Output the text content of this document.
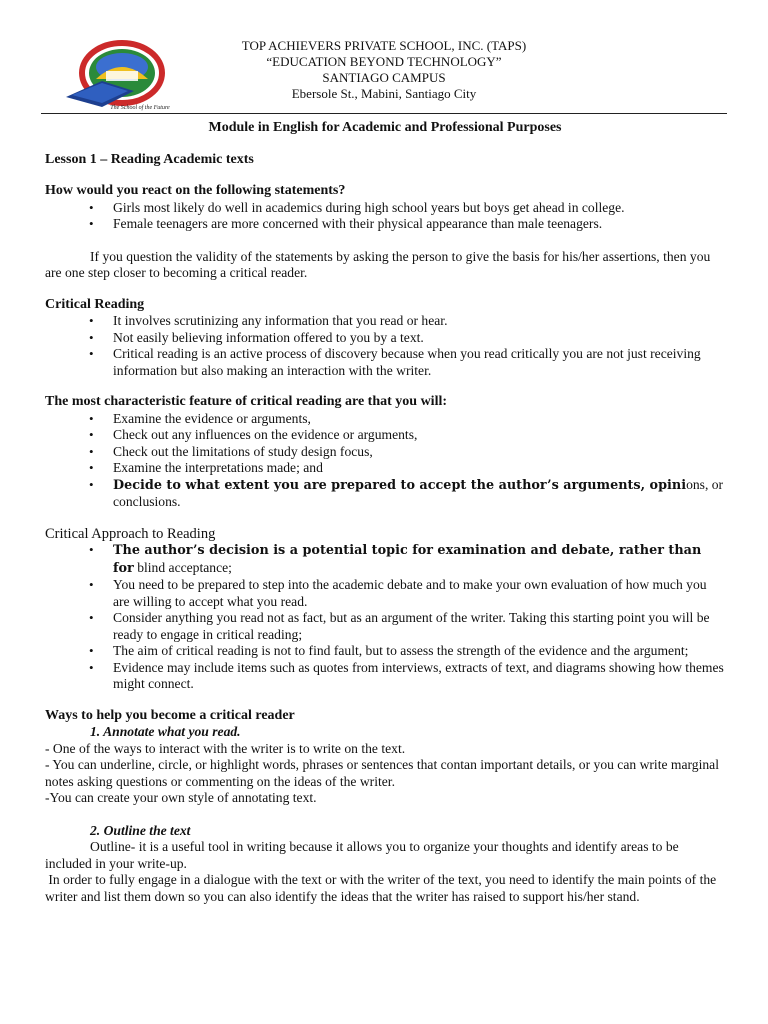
The School of the Future
TOP ACHIEVERS PRIVATE SCHOOL, INC. (TAPS)
“EDUCATION BEYOND TECHNOLOGY”
SANTIAGO CAMPUS
Ebersole St., Mabini, Santiago City
Module in English for Academic and Professional Purposes
Lesson 1 – Reading Academic texts
How would you react on the following statements?
• Girls most likely do well in academics during high school years but boys get ahead in college.
• Female teenagers are more concerned with their physical appearance than male teenagers.
If you question the validity of the statements by asking the person to give the basis for his/her assertions, then you are one step closer to becoming a critical reader.
Critical Reading
• It involves scrutinizing any information that you read or hear.
• Not easily believing information offered to you by a text.
• Critical reading is an active process of discovery because when you read critically you are not just receiving information but also making an interaction with the writer.
The most characteristic feature of critical reading are that you will:
• Examine the evidence or arguments,
• Check out any influences on the evidence or arguments,
• Check out the limitations of study design focus,
• Examine the interpretations made; and
• Decide to what extent you are prepared to accept the author’s arguments, opinions, or conclusions.
Critical Approach to Reading
• The author’s decision is a potential topic for examination and debate, rather than for blind acceptance;
• You need to be prepared to step into the academic debate and to make your own evaluation of how much you are willing to accept what you read.
• Consider anything you read not as fact, but as an argument of the writer. Taking this starting point you will be ready to engage in critical reading;
• The aim of critical reading is not to find fault, but to assess the strength of the evidence and the argument;
• Evidence may include items such as quotes from interviews, extracts of text, and diagrams showing how themes might connect.
Ways to help you become a critical reader
1. Annotate what you read.
- One of the ways to interact with the writer is to write on the text.
- You can underline, circle, or highlight words, phrases or sentences that contan important details, or you can write marginal notes asking questions or commenting on the ideas of the writer.
-You can create your own style of annotating text.
2. Outline the text
Outline- it is a useful tool in writing because it allows you to organize your thoughts and identify areas to be included in your write-up.
In order to fully engage in a dialogue with the text or with the writer of the text, you need to identify the main points of the writer and list them down so you can also identify the ideas that the writer has raised to support his/her stand.
